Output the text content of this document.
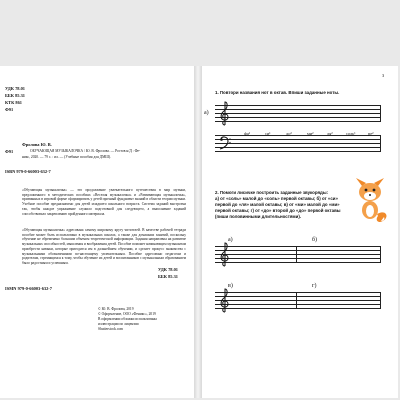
УДК 78.01
ББК 85.31
КТК 861
Ф91
Ф91
Фролова Ю. В.
ОБУЧАЮЩАЯ МУЗЫКАЛОЧКА / Ю. В. Фролова. — Ростов н/Д : Фе-
никс, 2020. — 79 с. : ил. — (Учебные пособия для ДМШ).
ISBN 979-0-66003-632-7
«Обучающая музыкалочка» — это продолжение увлекательного путешествия в мир музыки, предложенного в методических пособиях «Веселая музыкалочка» и «Развивающая музыкалочка», призванных в игровой форме сформировать у детей прочный фундамент знаний в области теории музыки. Учебное пособие предназначено для детей младшего школьного возраста. Система заданий выстроена так, чтобы каждое упражнение служило подготовкой для следующего, а выполнение заданий способствовало закреплению пройденного материала.
«Обучающая музыкалочка» адресована самому широкому кругу читателей. В качестве рабочей тетради пособие может быть использовано в музыкальных школах, а также для домашних занятий, поскольку обучение не обременено большим объемом теоретической информации. Задания направлены на развитие музыкальных способностей, мышления и воображения детей. Пособие поможет начинающим музыкантам приобрести навыки, которые пригодятся им в дальнейшем обучении, и сделает процесс знакомства с музыкальными обозначениями по-настоящему увлекательным. Пособие адресовано педагогам и родителям, стремящимся к тому, чтобы обучение их детей и воспитанников с музыкальным образованием было радостным и успешным.
УДК 78.01
ББК 85.31
ISMN 979-0-66003-632-7
© Ю. В. Фролова, 2019
© Оформление, ООО «Феникс», 2019
В оформлении обложки использованы
иллюстрации по лицензии
Shutterstock.com
3
1. Повтори названия нот в октав. Впиши заданные ноты.
а)
фа¹	си¹	до²	ми²	ля²	соль¹	ре²
2. Помоги лисичке построить заданные звукоряды:
а) от «соль» малой до «соль» первой октавы; б) от «си»
первой до «ля» малой октавы; в) от «ми» малой до «ми»
первой октавы; г) от «до» второй до «до» первой октавы
(пиши половинными длительностями).
а)	б)
в)	г)
